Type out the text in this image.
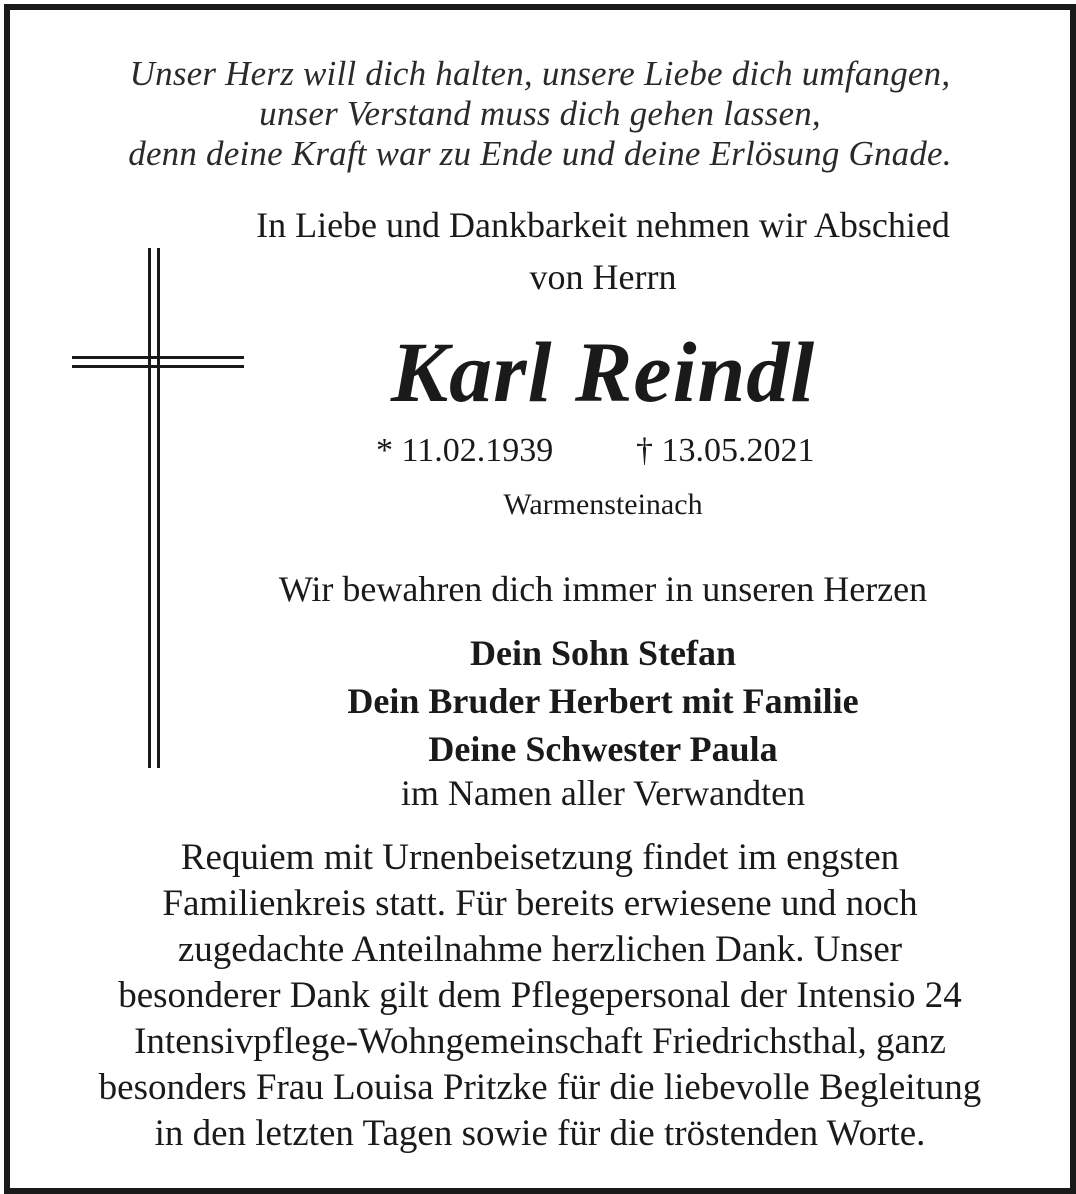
Unser Herz will dich halten, unsere Liebe dich umfangen,
unser Verstand muss dich gehen lassen,
denn deine Kraft war zu Ende und deine Erlösung Gnade.
In Liebe und Dankbarkeit nehmen wir Abschied
von Herrn
Karl Reindl
* 11.02.1939 † 13.05.2021
Warmensteinach
Wir bewahren dich immer in unseren Herzen
Dein Sohn Stefan
Dein Bruder Herbert mit Familie
Deine Schwester Paula
im Namen aller Verwandten
Requiem mit Urnenbeisetzung findet im engsten
Familienkreis statt. Für bereits erwiesene und noch
zugedachte Anteilnahme herzlichen Dank. Unser
besonderer Dank gilt dem Pflegepersonal der Intensio 24
Intensivpflege-Wohngemeinschaft Friedrichsthal, ganz
besonders Frau Louisa Pritzke für die liebevolle Begleitung
in den letzten Tagen sowie für die tröstenden Worte.
